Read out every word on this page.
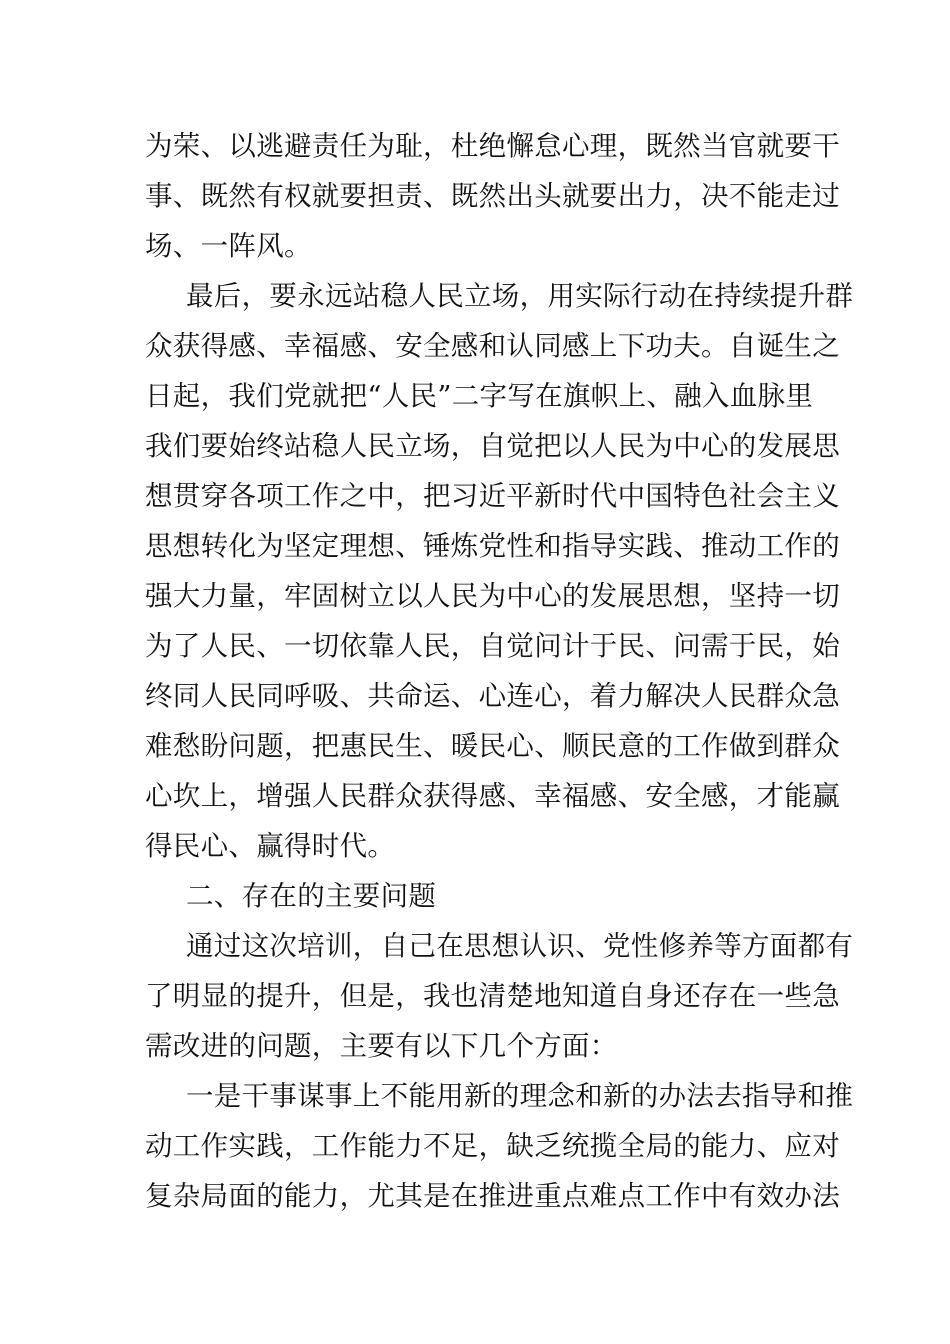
为荣、以逃避责任为耻，杜绝懈怠心理，既然当官就要干
事、既然有权就要担责、既然出头就要出力，决不能走过
场、一阵风。
最后，要永远站稳人民立场，用实际行动在持续提升群
众获得感、幸福感、安全感和认同感上下功夫。自诞生之
日起，我们党就把“人民”二字写在旗帜上、融入血脉里
我们要始终站稳人民立场，自觉把以人民为中心的发展思
想贯穿各项工作之中，把习近平新时代中国特色社会主义
思想转化为坚定理想、锤炼党性和指导实践、推动工作的
强大力量，牢固树立以人民为中心的发展思想，坚持一切
为了人民、一切依靠人民，自觉问计于民、问需于民，始
终同人民同呼吸、共命运、心连心，着力解决人民群众急
难愁盼问题，把惠民生、暖民心、顺民意的工作做到群众
心坎上，增强人民群众获得感、幸福感、安全感，才能赢
得民心、赢得时代。
二、存在的主要问题
通过这次培训，自己在思想认识、党性修养等方面都有
了明显的提升，但是，我也清楚地知道自身还存在一些急
需改进的问题，主要有以下几个方面：
一是干事谋事上不能用新的理念和新的办法去指导和推
动工作实践，工作能力不足，缺乏统揽全局的能力、应对
复杂局面的能力，尤其是在推进重点难点工作中有效办法
